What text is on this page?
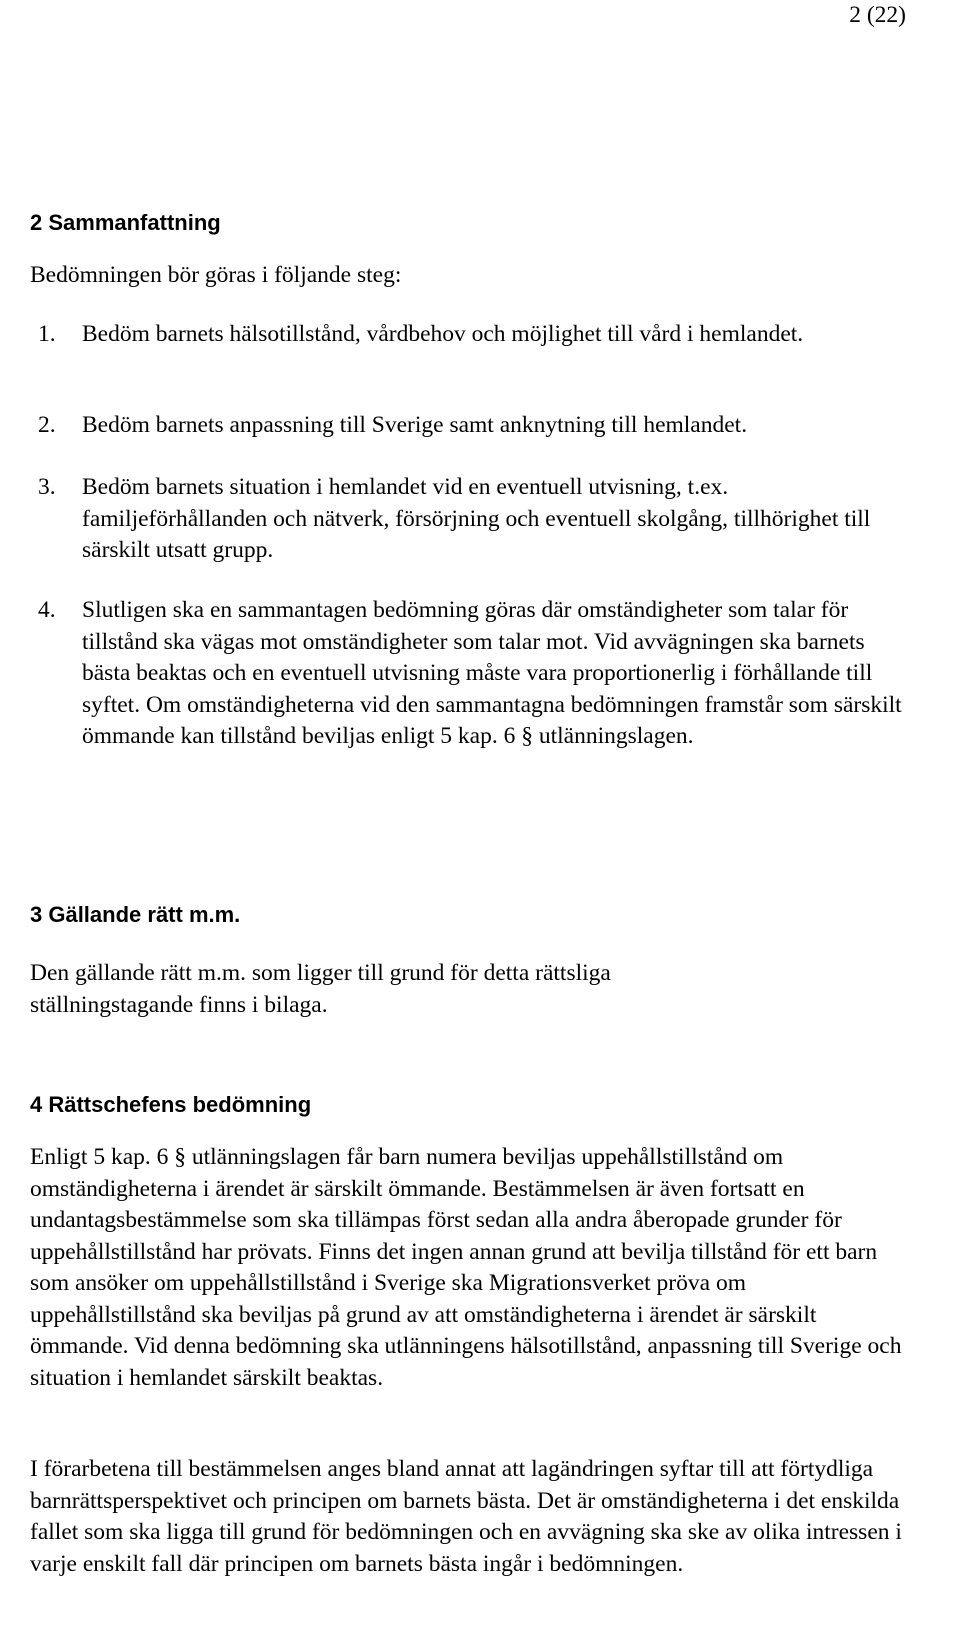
2 (22)
2 Sammanfattning

Bedömningen bör göras i följande steg:

1.	Bedöm barnets hälsotillstånd, vårdbehov och möjlighet till vård i hemlandet.
2.	Bedöm barnets anpassning till Sverige samt anknytning till hemlandet.
3.	Bedöm barnets situation i hemlandet vid en eventuell utvisning, t.ex. familjeförhållanden och nätverk, försörjning och eventuell skolgång, tillhörighet till särskilt utsatt grupp.
4.	Slutligen ska en sammantagen bedömning göras där omständigheter som talar för tillstånd ska vägas mot omständigheter som talar mot. Vid avvägningen ska barnets bästa beaktas och en eventuell utvisning måste vara proportionerlig i förhållande till syftet. Om omständigheterna vid den sammantagna bedömningen framstår som särskilt ömmande kan tillstånd beviljas enligt 5 kap. 6 § utlänningslagen.
3 Gällande rätt m.m.

Den gällande rätt m.m. som ligger till grund för detta rättsliga ställningstagande finns i bilaga.

4 Rättschefens bedömning

Enligt 5 kap. 6 § utlänningslagen får barn numera beviljas uppehållstillstånd om omständigheterna i ärendet är särskilt ömmande. Bestämmelsen är även fortsatt en undantagsbestämmelse som ska tillämpas först sedan alla andra åberopade grunder för uppehållstillstånd har prövats. Finns det ingen annan grund att bevilja tillstånd för ett barn som ansöker om uppehållstillstånd i Sverige ska Migrationsverket pröva om uppehållstillstånd ska beviljas på grund av att omständigheterna i ärendet är särskilt ömmande. Vid denna bedömning ska utlänningens hälsotillstånd, anpassning till Sverige och situation i hemlandet särskilt beaktas.

I förarbetena till bestämmelsen anges bland annat att lagändringen syftar till att förtydliga barnrättsperspektivet och principen om barnets bästa. Det är omständigheterna i det enskilda fallet som ska ligga till grund för bedömningen och en avvägning ska ske av olika intressen i varje enskilt fall där principen om barnets bästa ingår i bedömningen.
